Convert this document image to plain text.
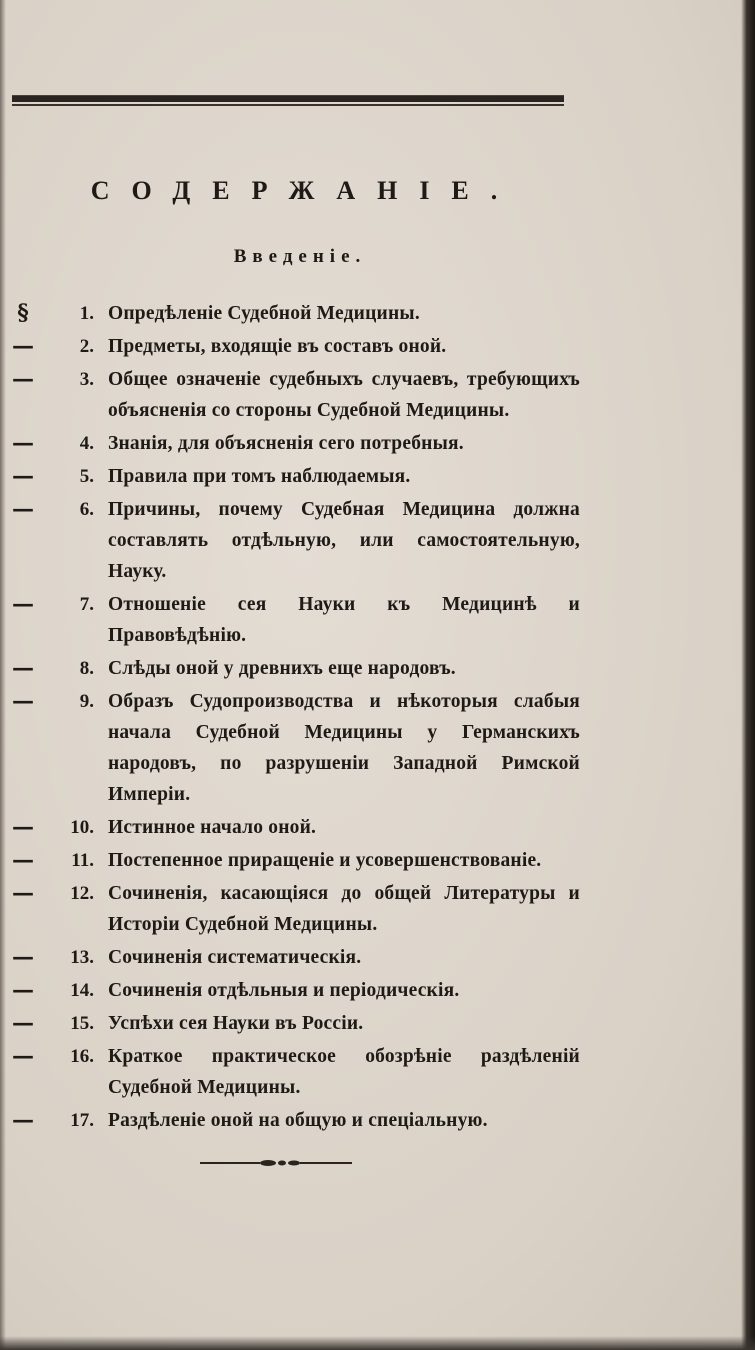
СОДЕРЖАНІЕ.
Введеніе.
§	1. Опредѣленіе Судебной Медицины.
—	2. Предметы, входящіе въ составъ оной.
—	3. Общее означеніе судебныхъ случаевъ, требующихъ объясненія со стороны Судебной Медицины.
—	4. Знанія, для объясненія сего потребныя.
—	5. Правила при томъ наблюдаемыя.
—	6. Причины, почему Судебная Медицина должна составлять отдѣльную, или самостоятельную, Науку.
—	7. Отношеніе сея Науки къ Медицинѣ и Правовѣдѣнію.
—	8. Слѣды оной у древнихъ еще народовъ.
—	9. Образъ Судопроизводства и нѣкоторыя слабыя начала Судебной Медицины у Германскихъ народовъ, по разрушеніи Западной Римской Имперіи.
—	10. Истинное начало оной.
—	11. Постепенное приращеніе и усовершенствованіе.
—	12. Сочиненія, касающіяся до общей Литературы и Исторіи Судебной Медицины.
—	13. Сочиненія систематическія.
—	14. Сочиненія отдѣльныя и періодическія.
—	15. Успѣхи сея Науки въ Россіи.
—	16. Краткое практическое обозрѣніе раздѣленій Судебной Медицины.
—	17. Раздѣленіе оной на общую и спеціальную.
